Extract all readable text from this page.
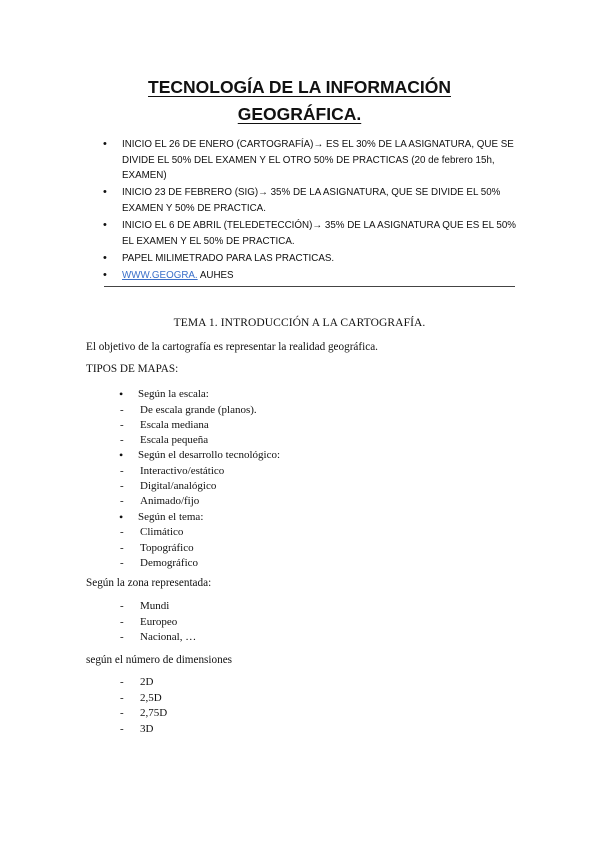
TECNOLOGÍA DE LA INFORMACIÓN
GEOGRÁFICA.
• INICIO EL 26 DE ENERO (CARTOGRAFÍA)→ ES EL 30% DE LA ASIGNATURA, QUE SE DIVIDE EL 50% DEL EXAMEN Y EL OTRO 50% DE PRACTICAS (20 de febrero 15h, EXAMEN)
• INICIO 23 DE FEBRERO (SIG)→ 35% DE LA ASIGNATURA, QUE SE DIVIDE EL 50% EXAMEN Y 50% DE PRACTICA.
• INICIO EL 6 DE ABRIL (TELEDETECCIÓN)→ 35% DE LA ASIGNATURA QUE ES EL 50% EL EXAMEN Y EL 50% DE PRACTICA.
• PAPEL MILIMETRADO PARA LAS PRACTICAS.
• WWW.GEOGRA. AUHES
TEMA 1. INTRODUCCIÓN A LA CARTOGRAFÍA.
El objetivo de la cartografía es representar la realidad geográfica.
TIPOS DE MAPAS:
• Según la escala:
- De escala grande (planos).
- Escala mediana
- Escala pequeña
• Según el desarrollo tecnológico:
- Interactivo/estático
- Digital/analógico
- Animado/fijo
• Según el tema:
- Climático
- Topográfico
- Demográfico
Según la zona representada:
- Mundi
- Europeo
- Nacional, …
según el número de dimensiones
- 2D
- 2,5D
- 2,75D
- 3D
